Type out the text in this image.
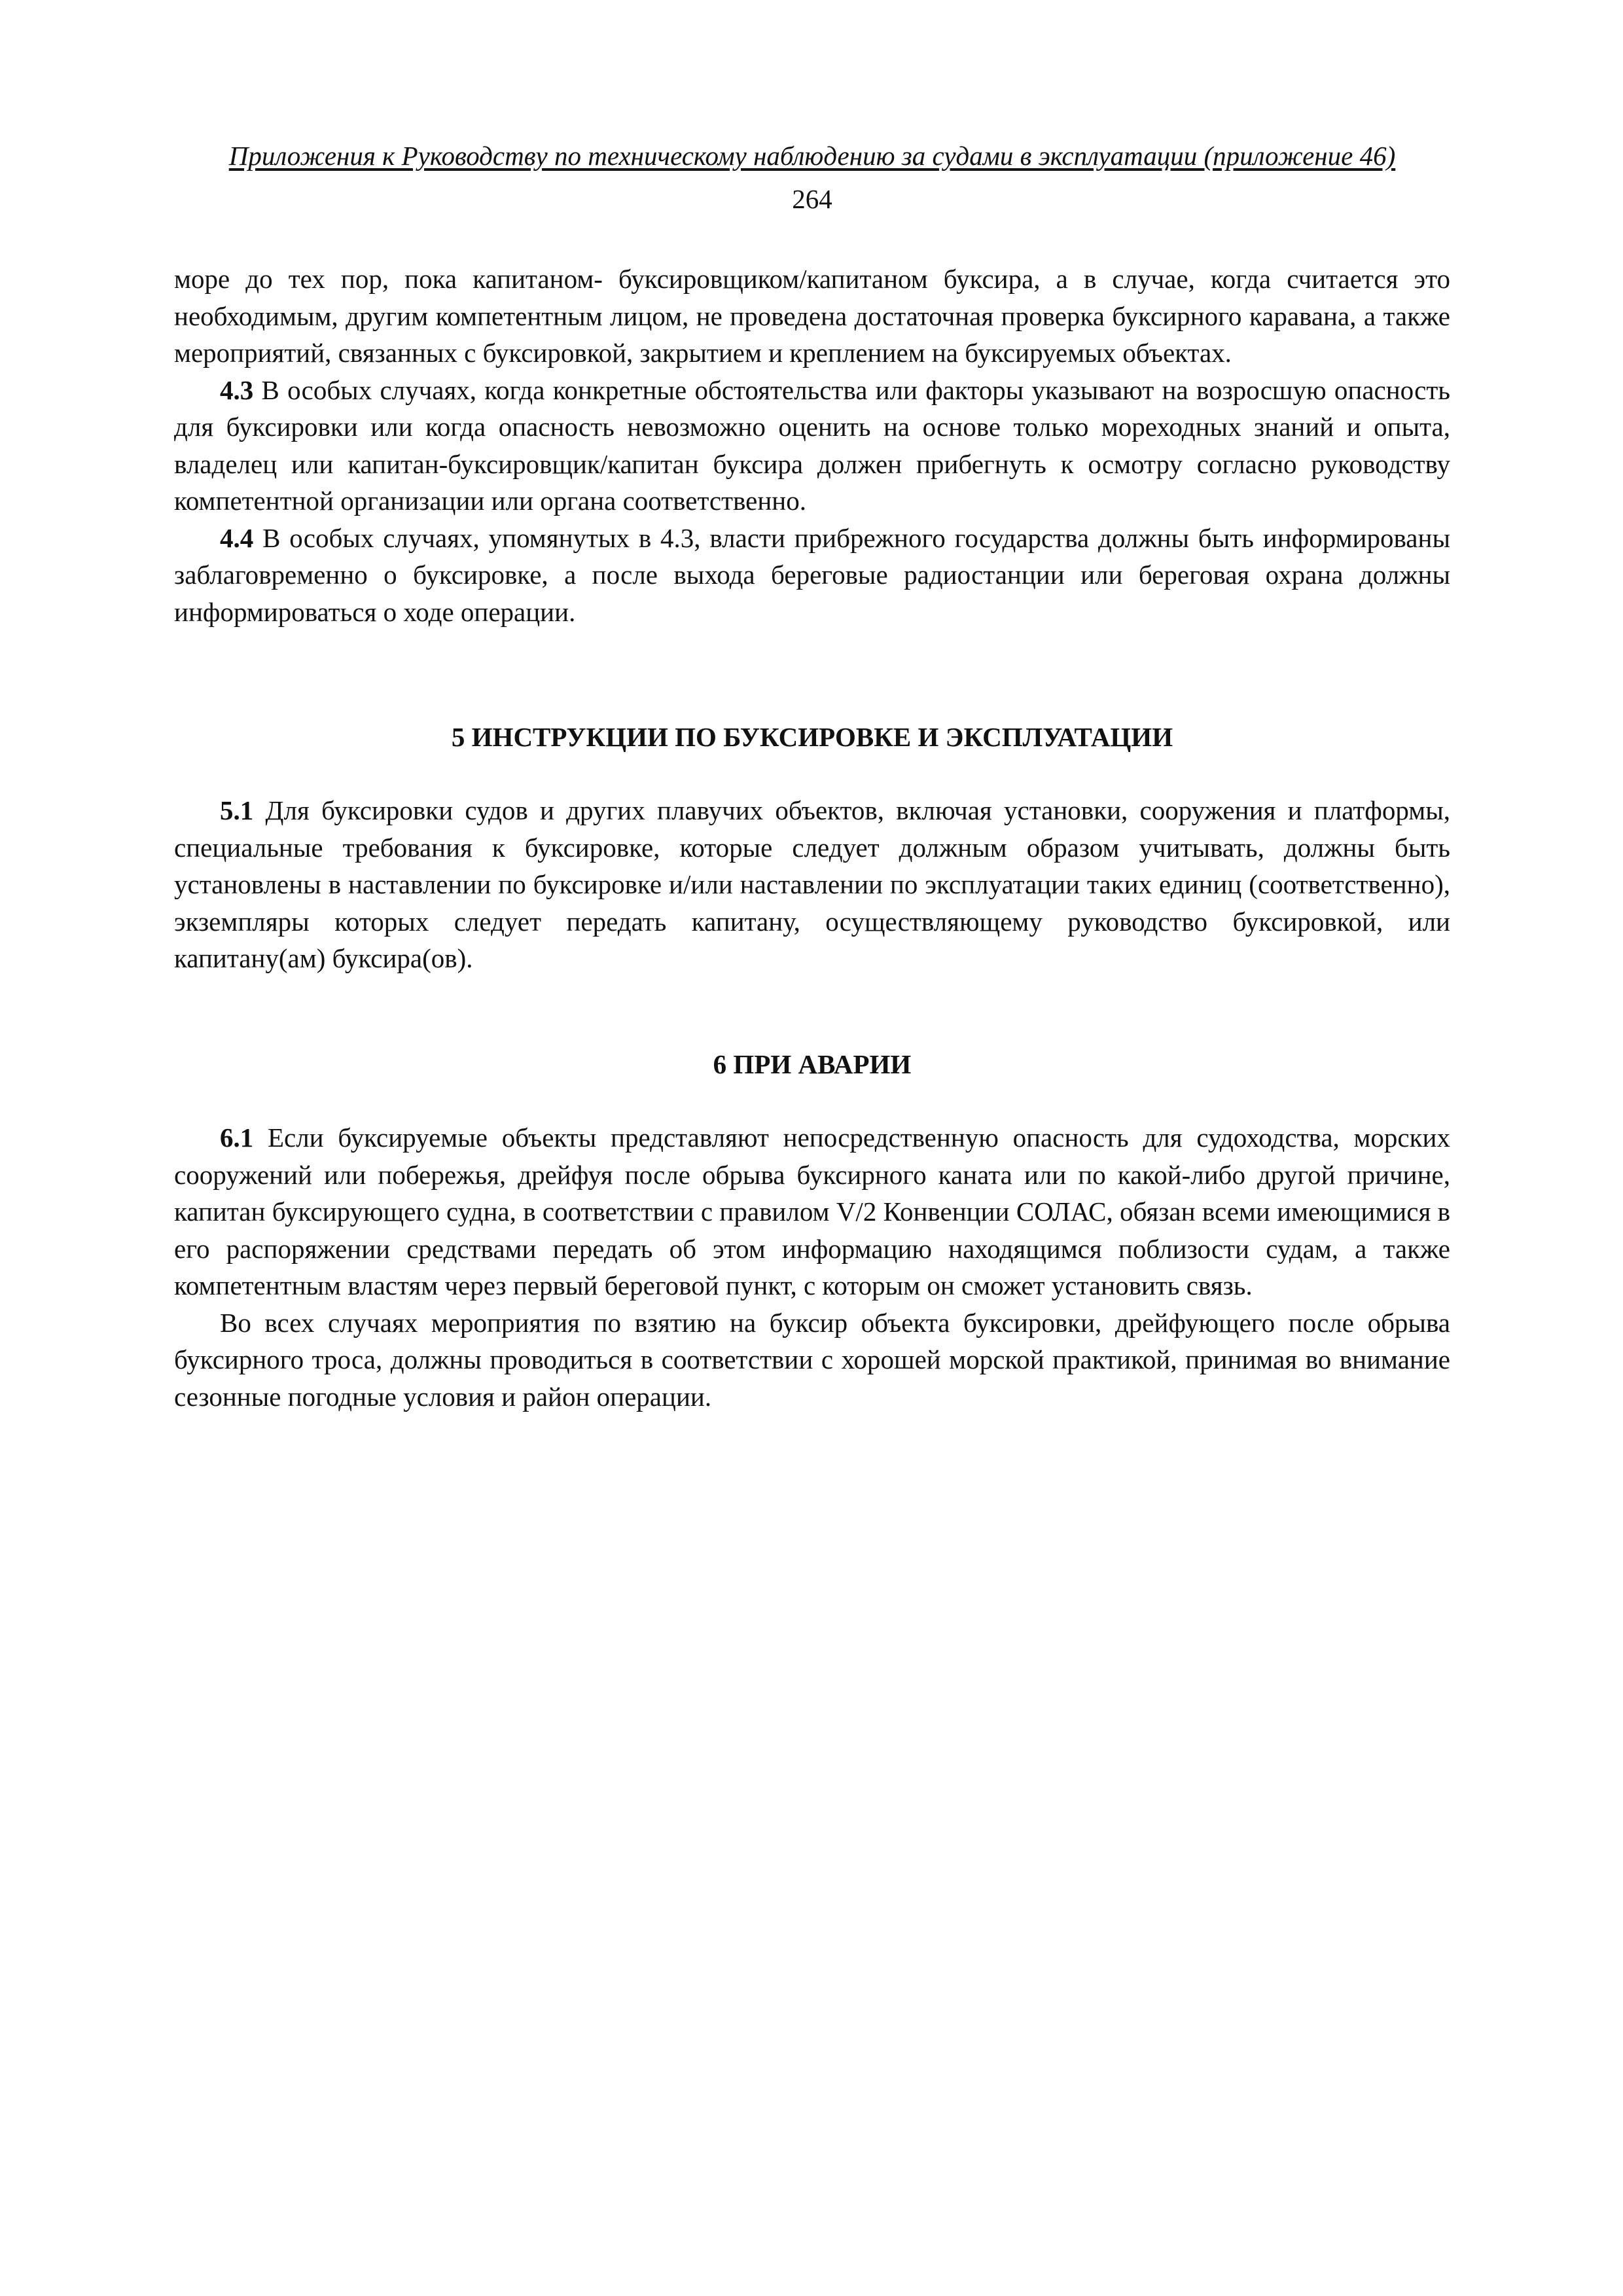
Приложения к Руководству по техническому наблюдению за судами в эксплуатации (приложение 46)
264

море до тех пор, пока капитаном- буксировщиком/капитаном буксира, а в случае, когда считается это необходимым, другим компетентным лицом, не проведена достаточная проверка буксирного каравана, а также мероприятий, связанных с буксировкой, закрытием и креплением на буксируемых объектах.

4.3 В особых случаях, когда конкретные обстоятельства или факторы указывают на возросшую опасность для буксировки или когда опасность невозможно оценить на основе только мореходных знаний и опыта, владелец или капитан-буксировщик/капитан буксира должен прибегнуть к осмотру согласно руководству компетентной организации или органа соответственно.

4.4 В особых случаях, упомянутых в 4.3, власти прибрежного государства должны быть информированы заблаговременно о буксировке, а после выхода береговые радиостанции или береговая охрана должны информироваться о ходе операции.

5 ИНСТРУКЦИИ ПО БУКСИРОВКЕ И ЭКСПЛУАТАЦИИ

5.1 Для буксировки судов и других плавучих объектов, включая установки, сооружения и платформы, специальные требования к буксировке, которые следует должным образом учитывать, должны быть установлены в наставлении по буксировке и/или наставлении по эксплуатации таких единиц (соответственно), экземпляры которых следует передать капитану, осуществляющему руководство буксировкой, или капитану(ам) буксира(ов).

6 ПРИ АВАРИИ

6.1 Если буксируемые объекты представляют непосредственную опасность для судоходства, морских сооружений или побережья, дрейфуя после обрыва буксирного каната или по какой-либо другой причине, капитан буксирующего судна, в соответствии с правилом V/2 Конвенции СОЛАС, обязан всеми имеющимися в его распоряжении средствами передать об этом информацию находящимся поблизости судам, а также компетентным властям через первый береговой пункт, с которым он сможет установить связь.

Во всех случаях мероприятия по взятию на буксир объекта буксировки, дрейфующего после обрыва буксирного троса, должны проводиться в соответствии с хорошей морской практикой, принимая во внимание сезонные погодные условия и район операции.
